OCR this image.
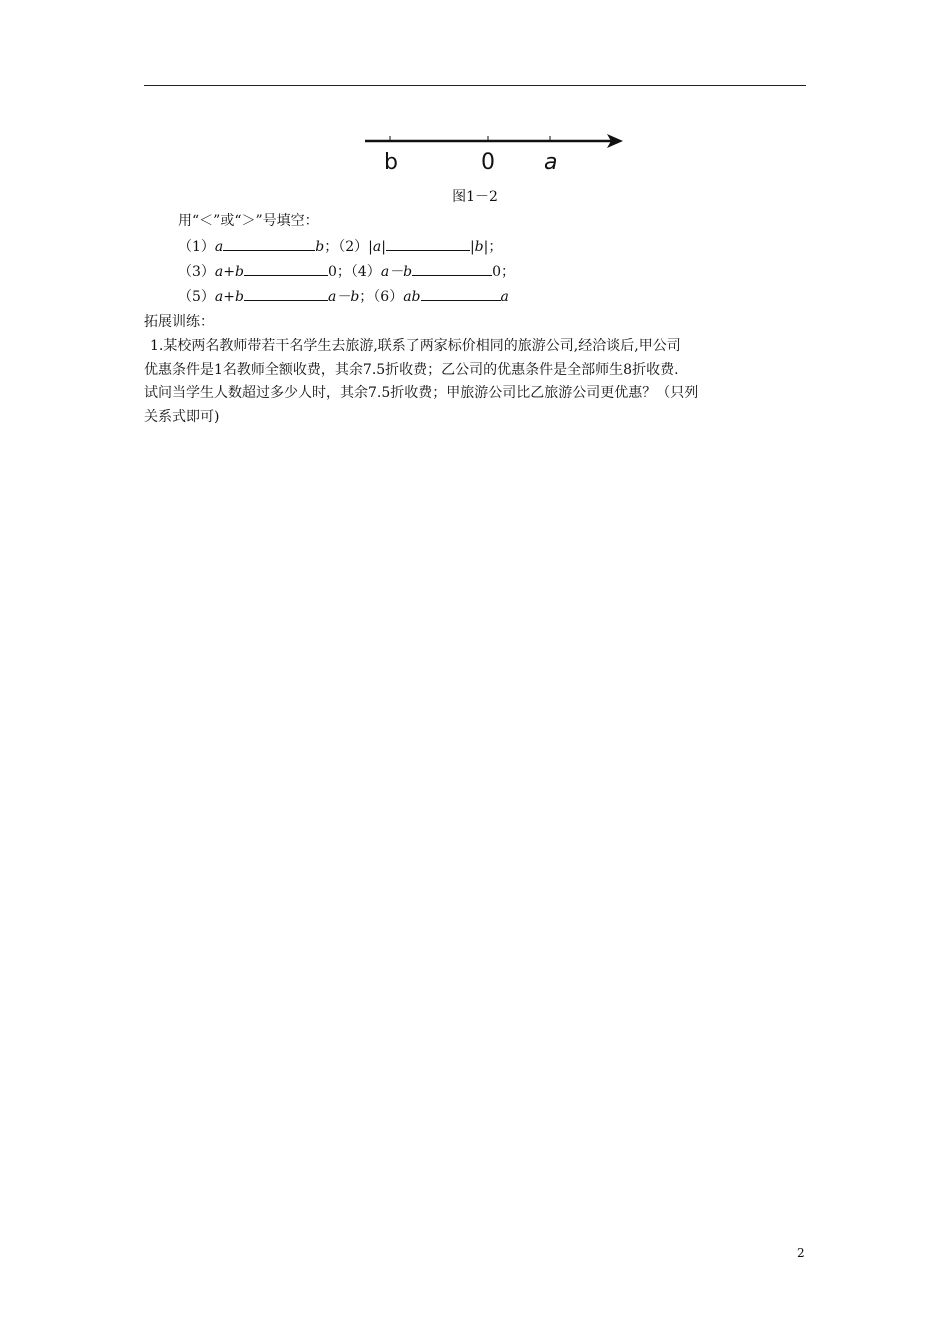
b	0 a
图1－2
用“＜”或“＞”号填空：
（1）a	b；（2）|a|	|b|；
（3）a+b	0；（4）a－b	0；
（5）a+b	a－b；（6）ab	a
拓展训练：
1.某校两名教师带若干名学生去旅游,联系了两家标价相同的旅游公司,经洽谈后,甲公司
优惠条件是1名教师全额收费，其余7.5折收费；乙公司的优惠条件是全部师生8折收费.
试问当学生人数超过多少人时，其余7.5折收费；甲旅游公司比乙旅游公司更优惠？（只列
关系式即可)
2
